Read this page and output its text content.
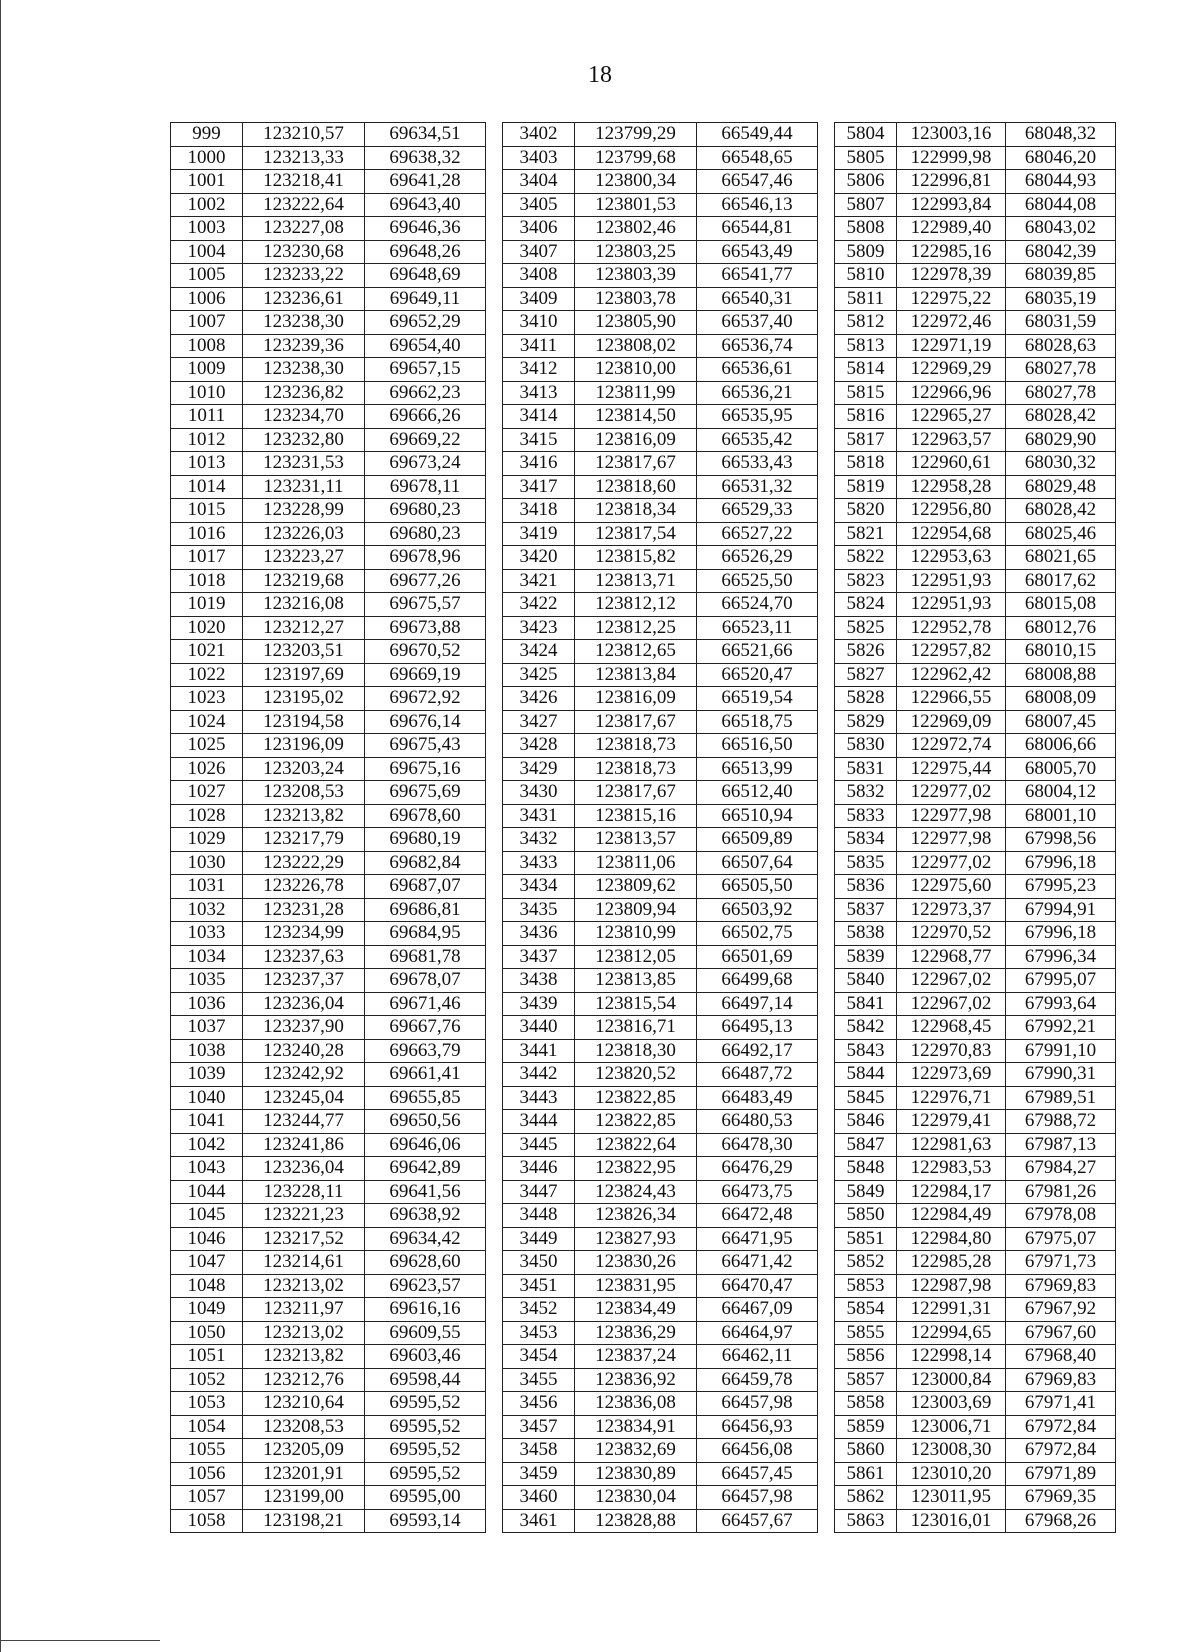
18
999	123210,57	69634,51
1000	123213,33	69638,32
1001	123218,41	69641,28
1002	123222,64	69643,40
1003	123227,08	69646,36
1004	123230,68	69648,26
1005	123233,22	69648,69
1006	123236,61	69649,11
1007	123238,30	69652,29
1008	123239,36	69654,40
1009	123238,30	69657,15
1010	123236,82	69662,23
1011	123234,70	69666,26
1012	123232,80	69669,22
1013	123231,53	69673,24
1014	123231,11	69678,11
1015	123228,99	69680,23
1016	123226,03	69680,23
1017	123223,27	69678,96
1018	123219,68	69677,26
1019	123216,08	69675,57
1020	123212,27	69673,88
1021	123203,51	69670,52
1022	123197,69	69669,19
1023	123195,02	69672,92
1024	123194,58	69676,14
1025	123196,09	69675,43
1026	123203,24	69675,16
1027	123208,53	69675,69
1028	123213,82	69678,60
1029	123217,79	69680,19
1030	123222,29	69682,84
1031	123226,78	69687,07
1032	123231,28	69686,81
1033	123234,99	69684,95
1034	123237,63	69681,78
1035	123237,37	69678,07
1036	123236,04	69671,46
1037	123237,90	69667,76
1038	123240,28	69663,79
1039	123242,92	69661,41
1040	123245,04	69655,85
1041	123244,77	69650,56
1042	123241,86	69646,06
1043	123236,04	69642,89
1044	123228,11	69641,56
1045	123221,23	69638,92
1046	123217,52	69634,42
1047	123214,61	69628,60
1048	123213,02	69623,57
1049	123211,97	69616,16
1050	123213,02	69609,55
1051	123213,82	69603,46
1052	123212,76	69598,44
1053	123210,64	69595,52
1054	123208,53	69595,52
1055	123205,09	69595,52
1056	123201,91	69595,52
1057	123199,00	69595,00
1058	123198,21	69593,14
3402	123799,29	66549,44
3403	123799,68	66548,65
3404	123800,34	66547,46
3405	123801,53	66546,13
3406	123802,46	66544,81
3407	123803,25	66543,49
3408	123803,39	66541,77
3409	123803,78	66540,31
3410	123805,90	66537,40
3411	123808,02	66536,74
3412	123810,00	66536,61
3413	123811,99	66536,21
3414	123814,50	66535,95
3415	123816,09	66535,42
3416	123817,67	66533,43
3417	123818,60	66531,32
3418	123818,34	66529,33
3419	123817,54	66527,22
3420	123815,82	66526,29
3421	123813,71	66525,50
3422	123812,12	66524,70
3423	123812,25	66523,11
3424	123812,65	66521,66
3425	123813,84	66520,47
3426	123816,09	66519,54
3427	123817,67	66518,75
3428	123818,73	66516,50
3429	123818,73	66513,99
3430	123817,67	66512,40
3431	123815,16	66510,94
3432	123813,57	66509,89
3433	123811,06	66507,64
3434	123809,62	66505,50
3435	123809,94	66503,92
3436	123810,99	66502,75
3437	123812,05	66501,69
3438	123813,85	66499,68
3439	123815,54	66497,14
3440	123816,71	66495,13
3441	123818,30	66492,17
3442	123820,52	66487,72
3443	123822,85	66483,49
3444	123822,85	66480,53
3445	123822,64	66478,30
3446	123822,95	66476,29
3447	123824,43	66473,75
3448	123826,34	66472,48
3449	123827,93	66471,95
3450	123830,26	66471,42
3451	123831,95	66470,47
3452	123834,49	66467,09
3453	123836,29	66464,97
3454	123837,24	66462,11
3455	123836,92	66459,78
3456	123836,08	66457,98
3457	123834,91	66456,93
3458	123832,69	66456,08
3459	123830,89	66457,45
3460	123830,04	66457,98
3461	123828,88	66457,67
5804	123003,16	68048,32
5805	122999,98	68046,20
5806	122996,81	68044,93
5807	122993,84	68044,08
5808	122989,40	68043,02
5809	122985,16	68042,39
5810	122978,39	68039,85
5811	122975,22	68035,19
5812	122972,46	68031,59
5813	122971,19	68028,63
5814	122969,29	68027,78
5815	122966,96	68027,78
5816	122965,27	68028,42
5817	122963,57	68029,90
5818	122960,61	68030,32
5819	122958,28	68029,48
5820	122956,80	68028,42
5821	122954,68	68025,46
5822	122953,63	68021,65
5823	122951,93	68017,62
5824	122951,93	68015,08
5825	122952,78	68012,76
5826	122957,82	68010,15
5827	122962,42	68008,88
5828	122966,55	68008,09
5829	122969,09	68007,45
5830	122972,74	68006,66
5831	122975,44	68005,70
5832	122977,02	68004,12
5833	122977,98	68001,10
5834	122977,98	67998,56
5835	122977,02	67996,18
5836	122975,60	67995,23
5837	122973,37	67994,91
5838	122970,52	67996,18
5839	122968,77	67996,34
5840	122967,02	67995,07
5841	122967,02	67993,64
5842	122968,45	67992,21
5843	122970,83	67991,10
5844	122973,69	67990,31
5845	122976,71	67989,51
5846	122979,41	67988,72
5847	122981,63	67987,13
5848	122983,53	67984,27
5849	122984,17	67981,26
5850	122984,49	67978,08
5851	122984,80	67975,07
5852	122985,28	67971,73
5853	122987,98	67969,83
5854	122991,31	67967,92
5855	122994,65	67967,60
5856	122998,14	67968,40
5857	123000,84	67969,83
5858	123003,69	67971,41
5859	123006,71	67972,84
5860	123008,30	67972,84
5861	123010,20	67971,89
5862	123011,95	67969,35
5863	123016,01	67968,26
